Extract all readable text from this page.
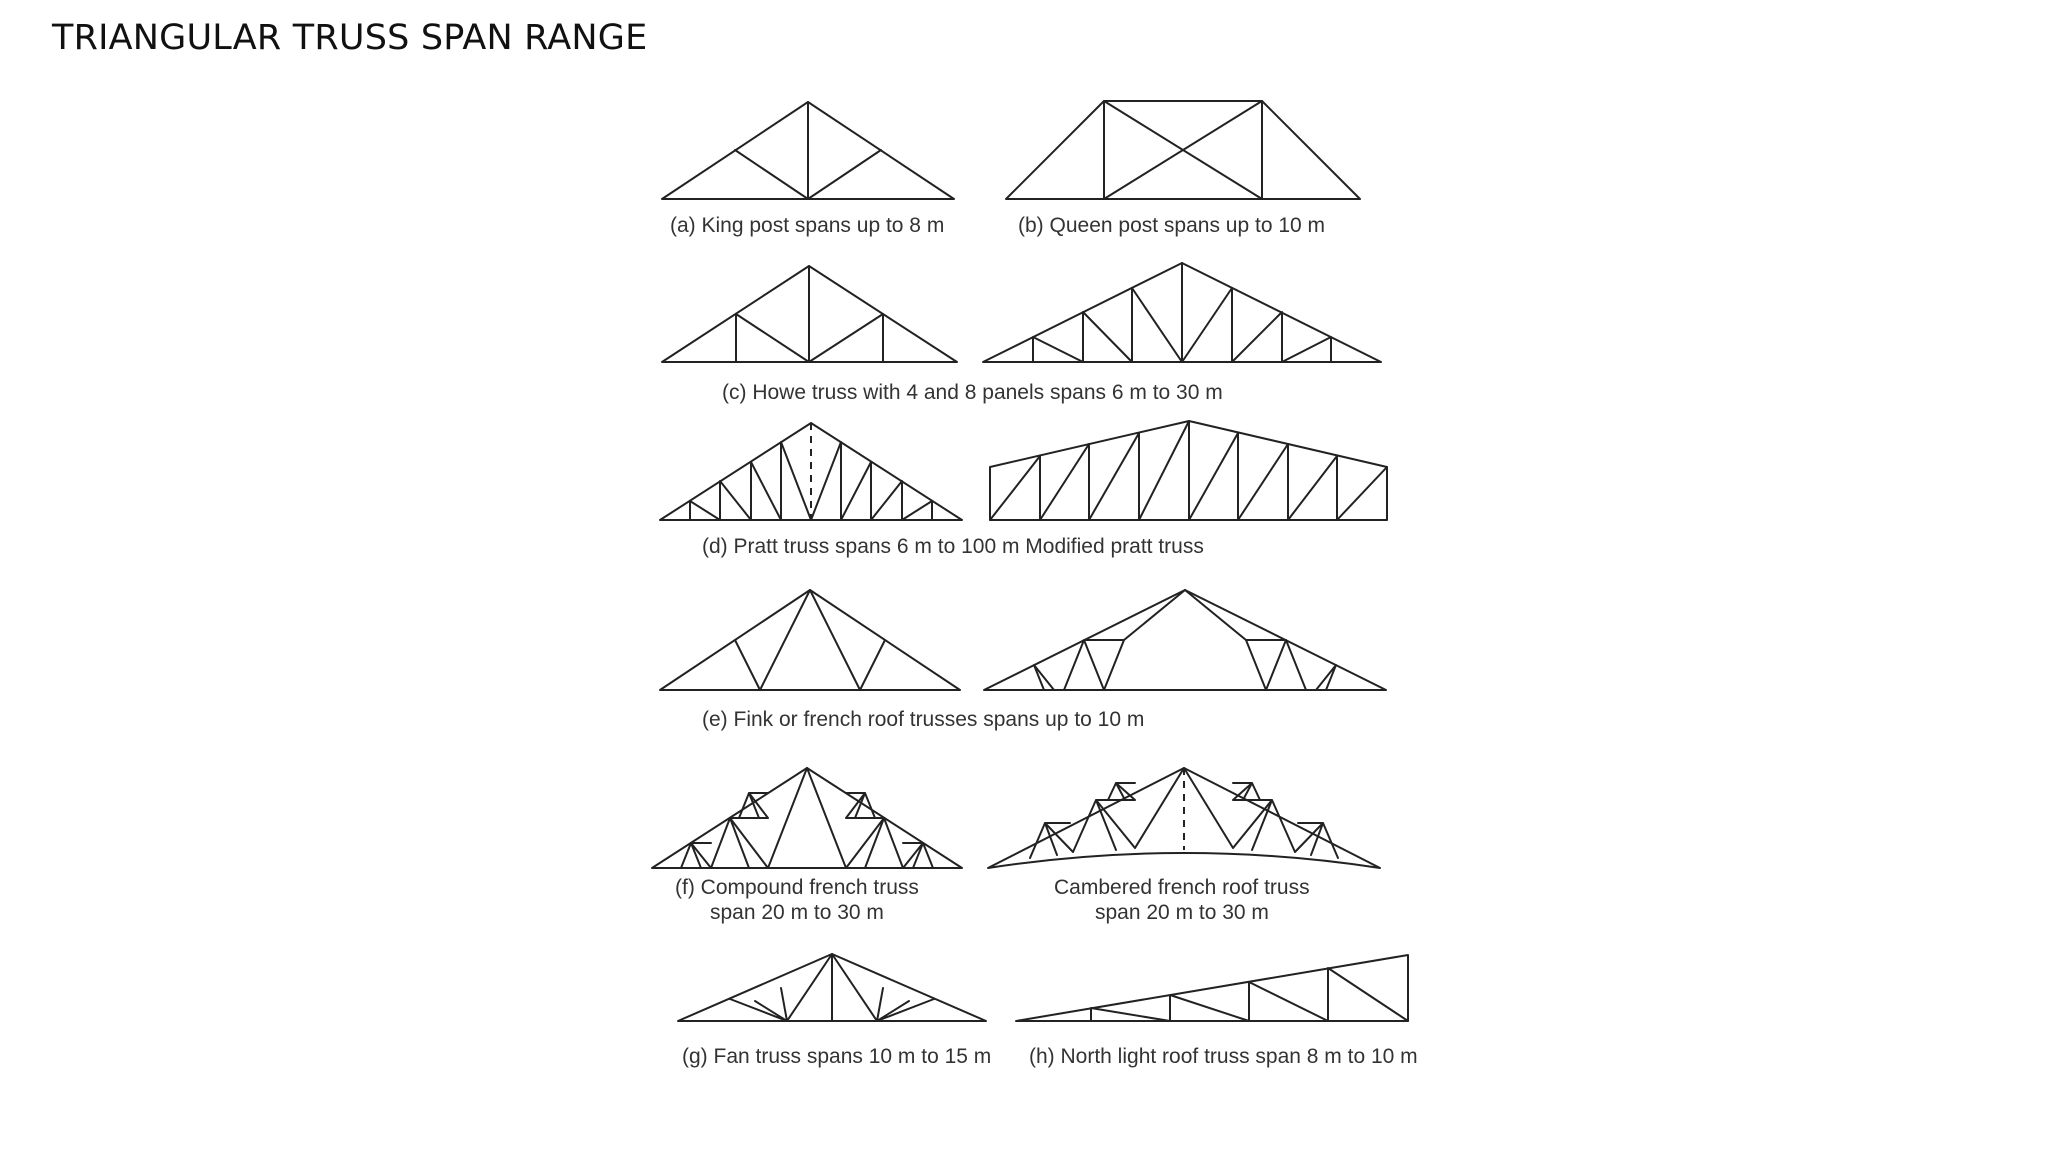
TRIANGULAR TRUSS SPAN RANGE
(a) King post spans up to 8 m	(b) Queen post spans up to 10 m
(c) Howe truss with 4 and 8 panels spans 6 m to 30 m
(d) Pratt truss spans 6 m to 100 m Modified pratt truss
(e) Fink or french roof trusses spans up to 10 m
(f) Compound french truss
span 20 m to 30 m
Cambered french roof truss
span 20 m to 30 m
(g) Fan truss spans 10 m to 15 m (h) North light roof truss span 8 m to 10 m
